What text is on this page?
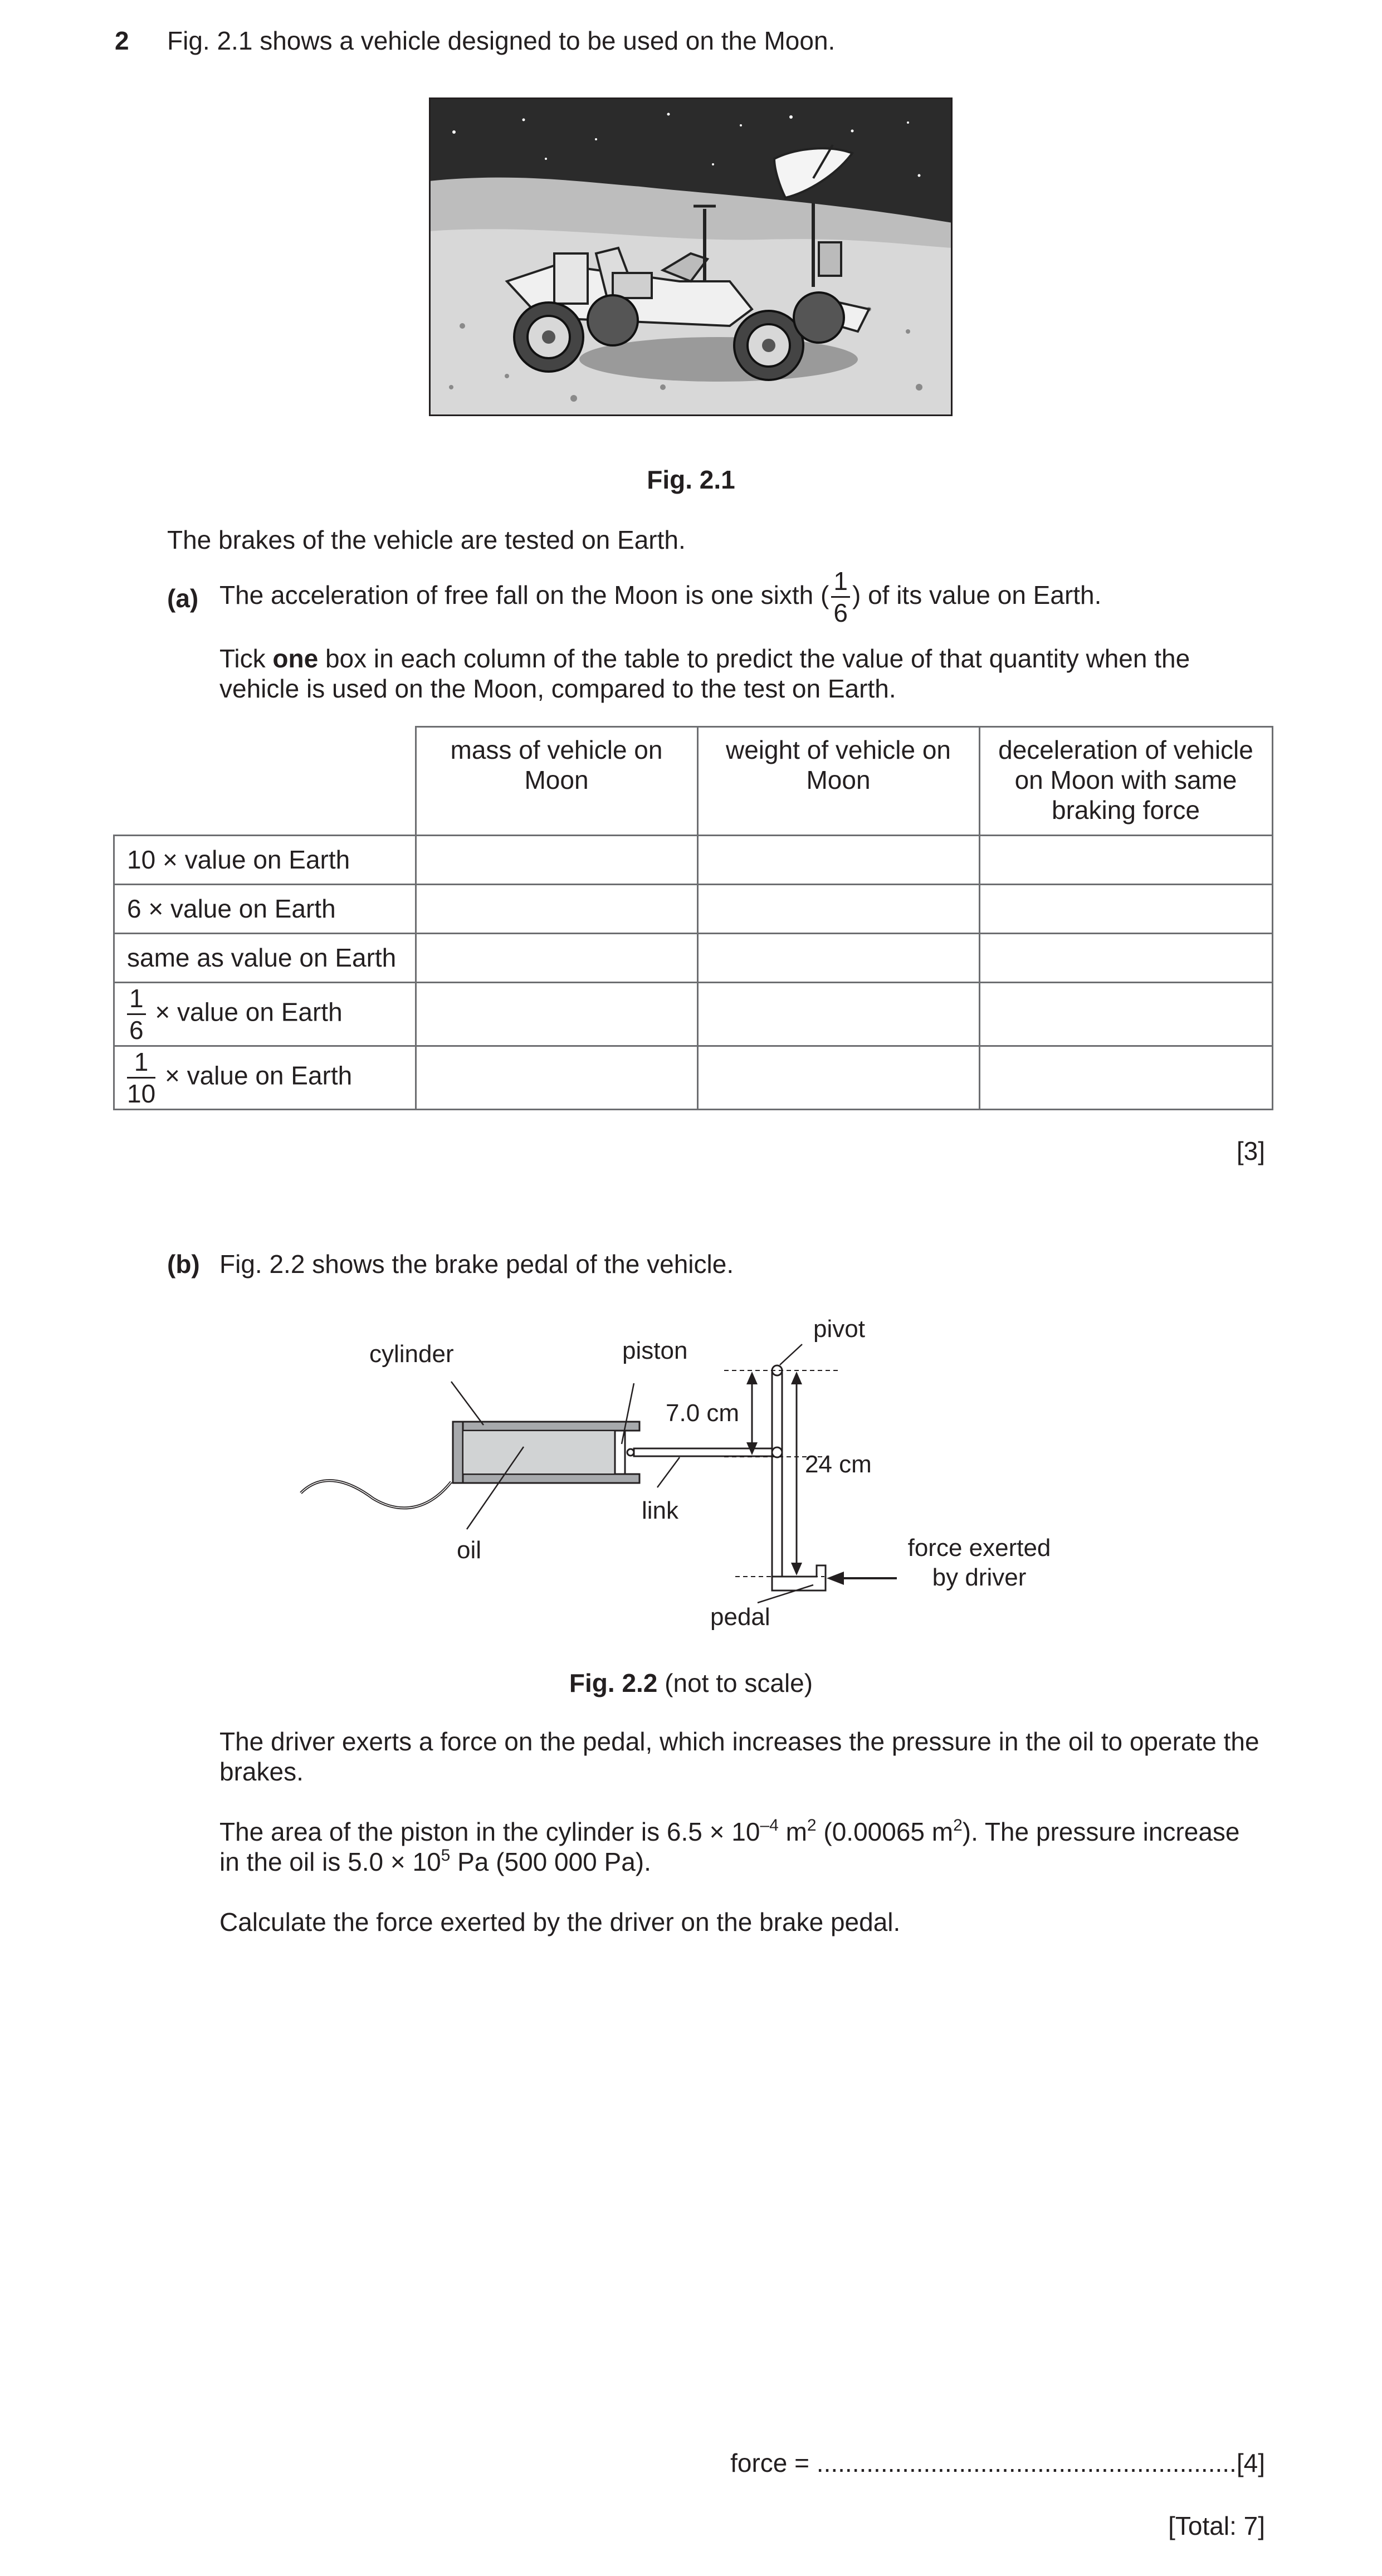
2 Fig. 2.1 shows a vehicle designed to be used on the Moon.
Fig. 2.1
The brakes of the vehicle are tested on Earth.
(a) The acceleration of free fall on the Moon is one sixth ( $\frac{1}{6}$ ) of its value on Earth.
Tick one box in each column of the table to predict the value of that quantity when the vehicle is used on the Moon, compared to the test on Earth.
	mass of vehicle on Moon	weight of vehicle on Moon	deceleration of vehicle on Moon with same braking force
10 × value on Earth			
6 × value on Earth			
same as value on Earth			

$\frac{1}{6}$ × value on Earth			

$\frac{1}{10}$ × value on Earth			
[3]
(b) Fig. 2.2 shows the brake pedal of the vehicle.
cylinder	piston
pivot
7.0 cm
24 cm
oil
link
pedal
force exerted
by driver
Fig. 2.2 (not to scale)
The driver exerts a force on the pedal, which increases the pressure in the oil to operate the brakes.
The area of the piston in the cylinder is $6.5 \times 10^{-4}$ $m^2$ (0.00065 $m^2$). The pressure increase in the oil is $5.0 \times 10^5$ Pa (500 000 Pa).
Calculate the force exerted by the driver on the brake pedal.
force = ...........................................................[4]
[Total: 7]
